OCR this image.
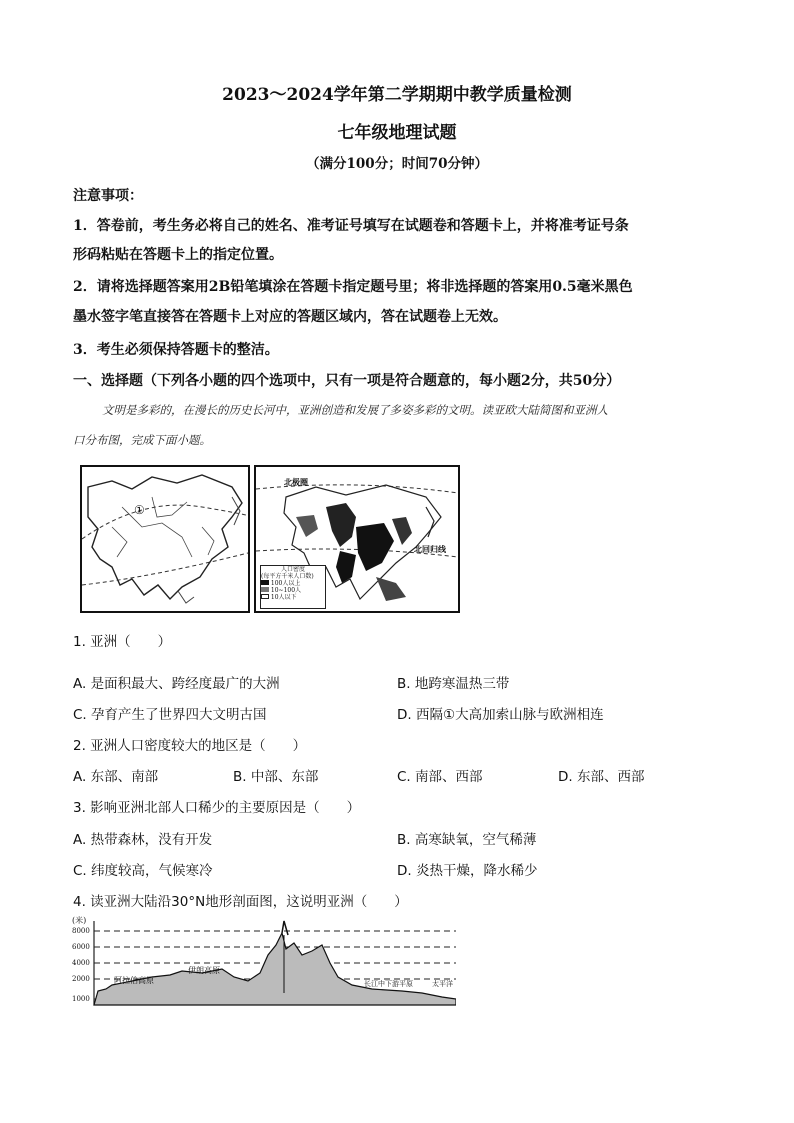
2023～2024学年第二学期期中教学质量检测
七年级地理试题
（满分100分；时间70分钟）
注意事项：
1．答卷前，考生务必将自己的姓名、准考证号填写在试题卷和答题卡上，并将准考证号条
形码粘贴在答题卡上的指定位置。
2．请将选择题答案用2B铅笔填涂在答题卡指定题号里；将非选择题的答案用0.5毫米黑色
墨水签字笔直接答在答题卡上对应的答题区域内，答在试题卷上无效。
3．考生必须保持答题卡的整洁。
一、选择题（下列各小题的四个选项中，只有一项是符合题意的，每小题2分，共50分）
文明是多彩的，在漫长的历史长河中，亚洲创造和发展了多姿多彩的文明。读亚欧大陆简图和亚洲人
口分布图，完成下面小题。
①
北极圈
北回归线
人口密度
(每平方千米人口数)
100人以上
10~100人
10人以下
1. 亚洲（　　）
A. 是面积最大、跨经度最广的大洲	B. 地跨寒温热三带
C. 孕育产生了世界四大文明古国	D. 西隔①大高加索山脉与欧洲相连
2. 亚洲人口密度较大的地区是（　　）
A. 东部、南部	B. 中部、东部	C. 南部、西部	D. 东部、西部
3. 影响亚洲北部人口稀少的主要原因是（　　）
A. 热带森林，没有开发	B. 高寒缺氧，空气稀薄
C. 纬度较高，气候寒冷	D. 炎热干燥，降水稀少
4. 读亚洲大陆沿30°N地形剖面图，这说明亚洲（　　）
(米)
8000
6000
4000
2000
1000
阿拉伯高原
伊朗高原
长江中下游平原	太平洋
